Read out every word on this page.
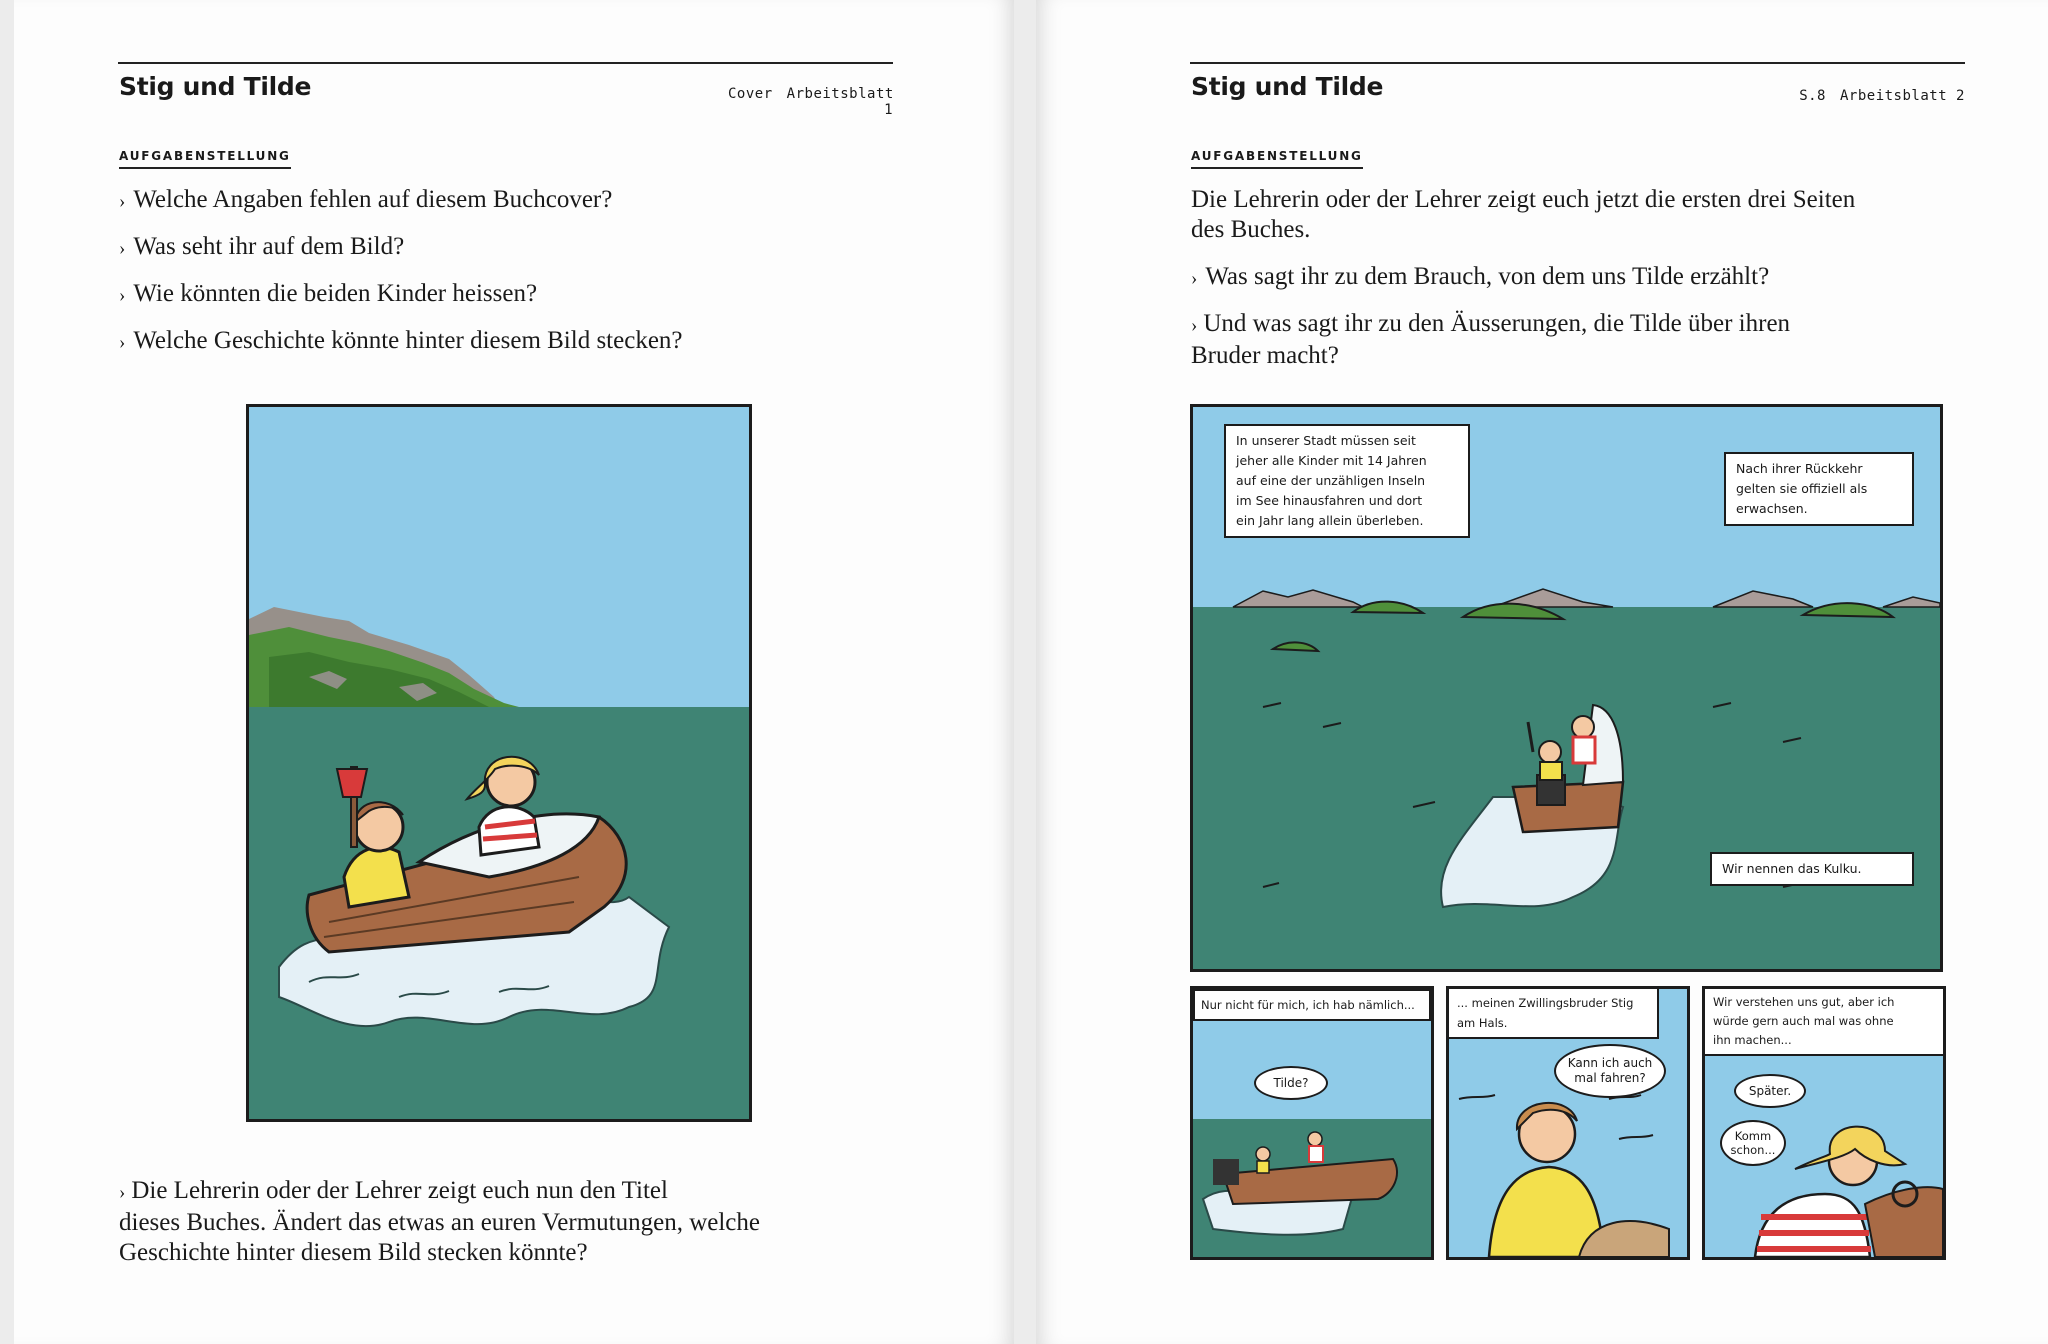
Stig und Tilde	Cover Arbeitsblatt 1
AUFGABENSTELLUNG
› Welche Angaben fehlen auf diesem Buchcover?
› Was seht ihr auf dem Bild?
› Wie könnten die beiden Kinder heissen?
› Welche Geschichte könnte hinter diesem Bild stecken?
› Die Lehrerin oder der Lehrer zeigt euch nun den Titel
dieses Buches. Ändert das etwas an euren Vermutungen, welche
Geschichte hinter diesem Bild stecken könnte?
Stig und Tilde	S.8 Arbeitsblatt 2
AUFGABENSTELLUNG
Die Lehrerin oder der Lehrer zeigt euch jetzt die ersten drei Seiten
des Buches.
› Was sagt ihr zu dem Brauch, von dem uns Tilde erzählt?
› Und was sagt ihr zu den Äusserungen, die Tilde über ihren
Bruder macht?
In unserer Stadt müssen seit
jeher alle Kinder mit 14 Jahren
auf eine der unzähligen Inseln
im See hinausfahren und dort
ein Jahr lang allein überleben.
Nach ihrer Rückkehr
gelten sie offiziell als
erwachsen.
Wir nennen das Kulku.
Nur nicht für mich, ich hab nämlich...
Tilde?
... meinen Zwillingsbruder Stig
am Hals.
Kann ich auch
mal fahren?
Wir verstehen uns gut, aber ich
würde gern auch mal was ohne
ihn machen...
Später.
Komm
schon...
